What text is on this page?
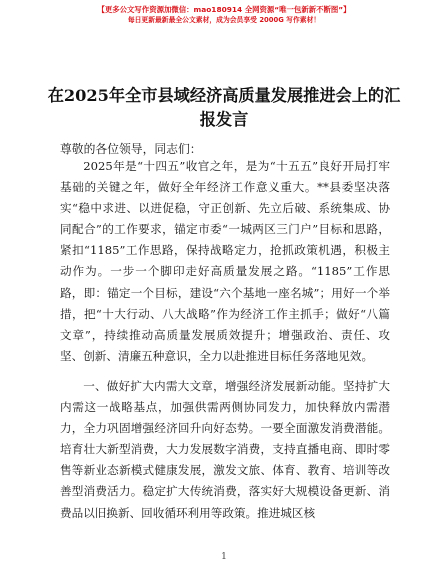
【更多公文写作资源加微信：mao180914 全网资源“唯一包新新不断图”】
每日更新最新最全公文素材，成为会员享受 2000G 写作素材！
在2025年全市县域经济高质量发展推进会上的汇报发言
尊敬的各位领导，同志们：

2025年是“十四五”收官之年，是为“十五五”良好开局打牢基础的关键之年，做好全年经济工作意义重大。**县委坚决落实“稳中求进、以进促稳，守正创新、先立后破、系统集成、协同配合”的工作要求，锚定市委“一城两区三门户”目标和思路，紧扣“1185”工作思路，保持战略定力，抢抓政策机遇，积极主动作为。一步一个脚印走好高质量发展之路。“1185”工作思路，即：锚定一个目标，建设“六个基地一座名城”；用好一个举措，把“十大行动、八大战略”作为经济工作主抓手；做好“八篇文章”，持续推动高质量发展质效提升；增强政治、责任、攻坚、创新、清廉五种意识，全力以赴推进目标任务落地见效。

一、做好扩大内需大文章，增强经济发展新动能。坚持扩大内需这一战略基点，加强供需两侧协同发力，加快释放内需潜力，全力巩固增强经济回升向好态势。一要全面激发消费潜能。培育壮大新型消费，大力发展数字消费，支持直播电商、即时零售等新业态新模式健康发展，激发文旅、体育、教育、培训等改善型消费活力。稳定扩大传统消费，落实好大规模设备更新、消费品以旧换新、回收循环利用等政策。推进城区核

1
